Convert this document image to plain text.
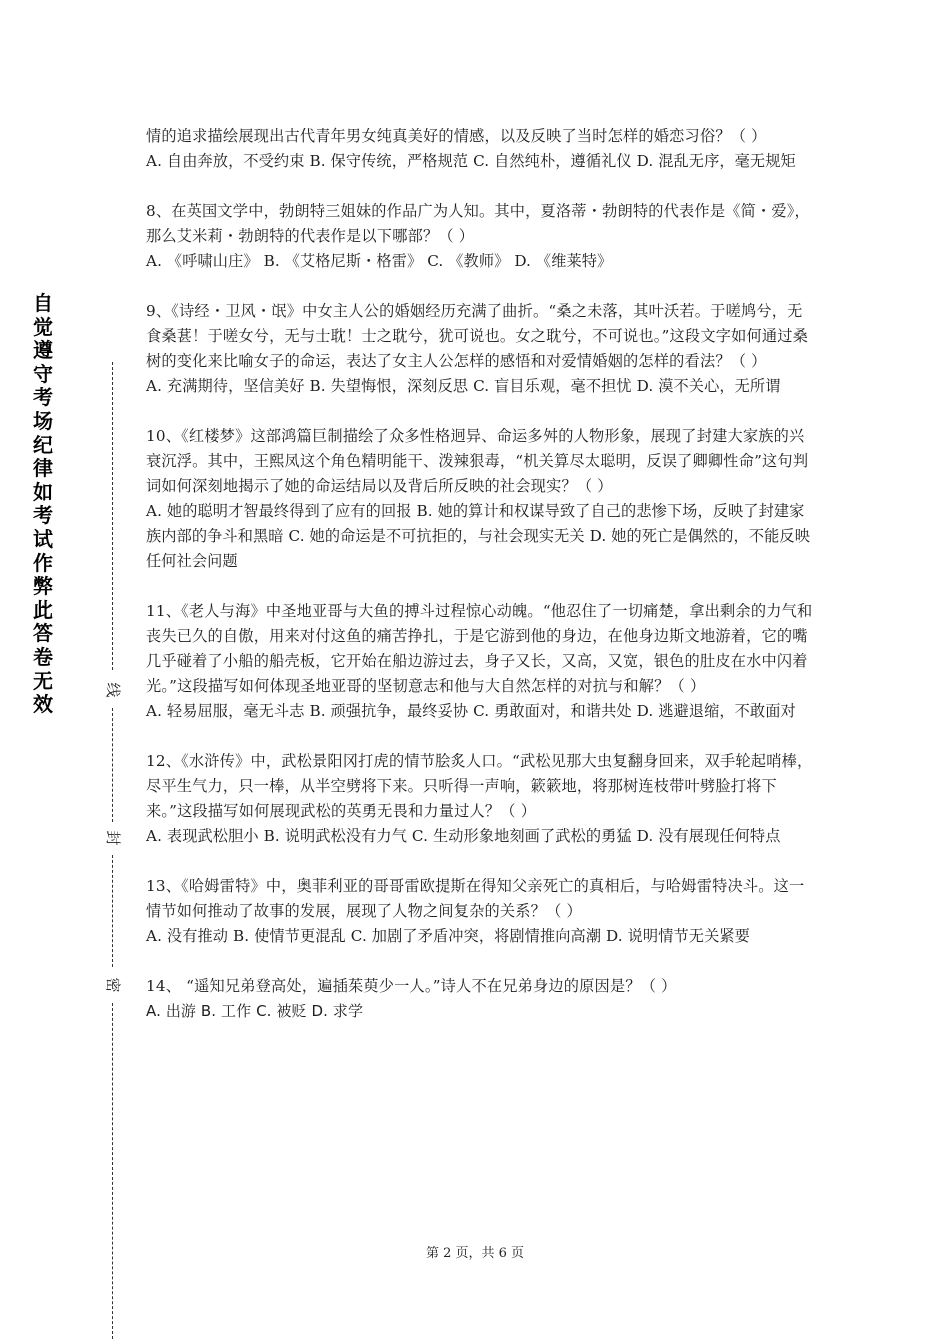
自觉遵守考场纪律如考试作弊此答卷无效
线
封
密

情的追求描绘展现出古代青年男女纯真美好的情感，以及反映了当时怎样的婚恋习俗？（ ）

A. 自由奔放，不受约束 B. 保守传统，严格规范 C. 自然纯朴，遵循礼仪 D. 混乱无序，毫无规矩

8、在英国文学中，勃朗特三姐妹的作品广为人知。其中，夏洛蒂・勃朗特的代表作是《简・爱》，那么艾米莉・勃朗特的代表作是以下哪部？（ ）

A. 《呼啸山庄》 B. 《艾格尼斯・格雷》 C. 《教师》 D. 《维莱特》

9、《诗经・卫风・氓》中女主人公的婚姻经历充满了曲折。“桑之未落，其叶沃若。于嗟鸠兮，无食桑葚！于嗟女兮，无与士耽！士之耽兮，犹可说也。女之耽兮，不可说也。”这段文字如何通过桑树的变化来比喻女子的命运，表达了女主人公怎样的感悟和对爱情婚姻的怎样的看法？（ ）

A. 充满期待，坚信美好 B. 失望悔恨，深刻反思 C. 盲目乐观，毫不担忧 D. 漠不关心，无所谓

10、《红楼梦》这部鸿篇巨制描绘了众多性格迥异、命运多舛的人物形象，展现了封建大家族的兴衰沉浮。其中，王熙凤这个角色精明能干、泼辣狠毒，“机关算尽太聪明，反误了卿卿性命”这句判词如何深刻地揭示了她的命运结局以及背后所反映的社会现实？（ ）

A. 她的聪明才智最终得到了应有的回报 B. 她的算计和权谋导致了自己的悲惨下场，反映了封建家族内部的争斗和黑暗 C. 她的命运是不可抗拒的，与社会现实无关 D. 她的死亡是偶然的，不能反映任何社会问题

11、《老人与海》中圣地亚哥与大鱼的搏斗过程惊心动魄。“他忍住了一切痛楚，拿出剩余的力气和丧失已久的自傲，用来对付这鱼的痛苦挣扎，于是它游到他的身边，在他身边斯文地游着，它的嘴几乎碰着了小船的船壳板，它开始在船边游过去，身子又长，又高，又宽，银色的肚皮在水中闪着光。”这段描写如何体现圣地亚哥的坚韧意志和他与大自然怎样的对抗与和解？（ ）

A. 轻易屈服，毫无斗志 B. 顽强抗争，最终妥协 C. 勇敢面对，和谐共处 D. 逃避退缩，不敢面对

12、《水浒传》中，武松景阳冈打虎的情节脍炙人口。“武松见那大虫复翻身回来，双手轮起哨棒，尽平生气力，只一棒，从半空劈将下来。只听得一声响，簌簌地，将那树连枝带叶劈脸打将下来。”这段描写如何展现武松的英勇无畏和力量过人？（ ）

A. 表现武松胆小 B. 说明武松没有力气 C. 生动形象地刻画了武松的勇猛 D. 没有展现任何特点

13、《哈姆雷特》中，奥菲利亚的哥哥雷欧提斯在得知父亲死亡的真相后，与哈姆雷特决斗。这一情节如何推动了故事的发展，展现了人物之间复杂的关系？（ ）

A. 没有推动 B. 使情节更混乱 C. 加剧了矛盾冲突，将剧情推向高潮 D. 说明情节无关紧要

14、 “遥知兄弟登高处，遍插茱萸少一人。”诗人不在兄弟身边的原因是？（ ）

A. 出游 B. 工作 C. 被贬 D. 求学

第 2 页，共 6 页
